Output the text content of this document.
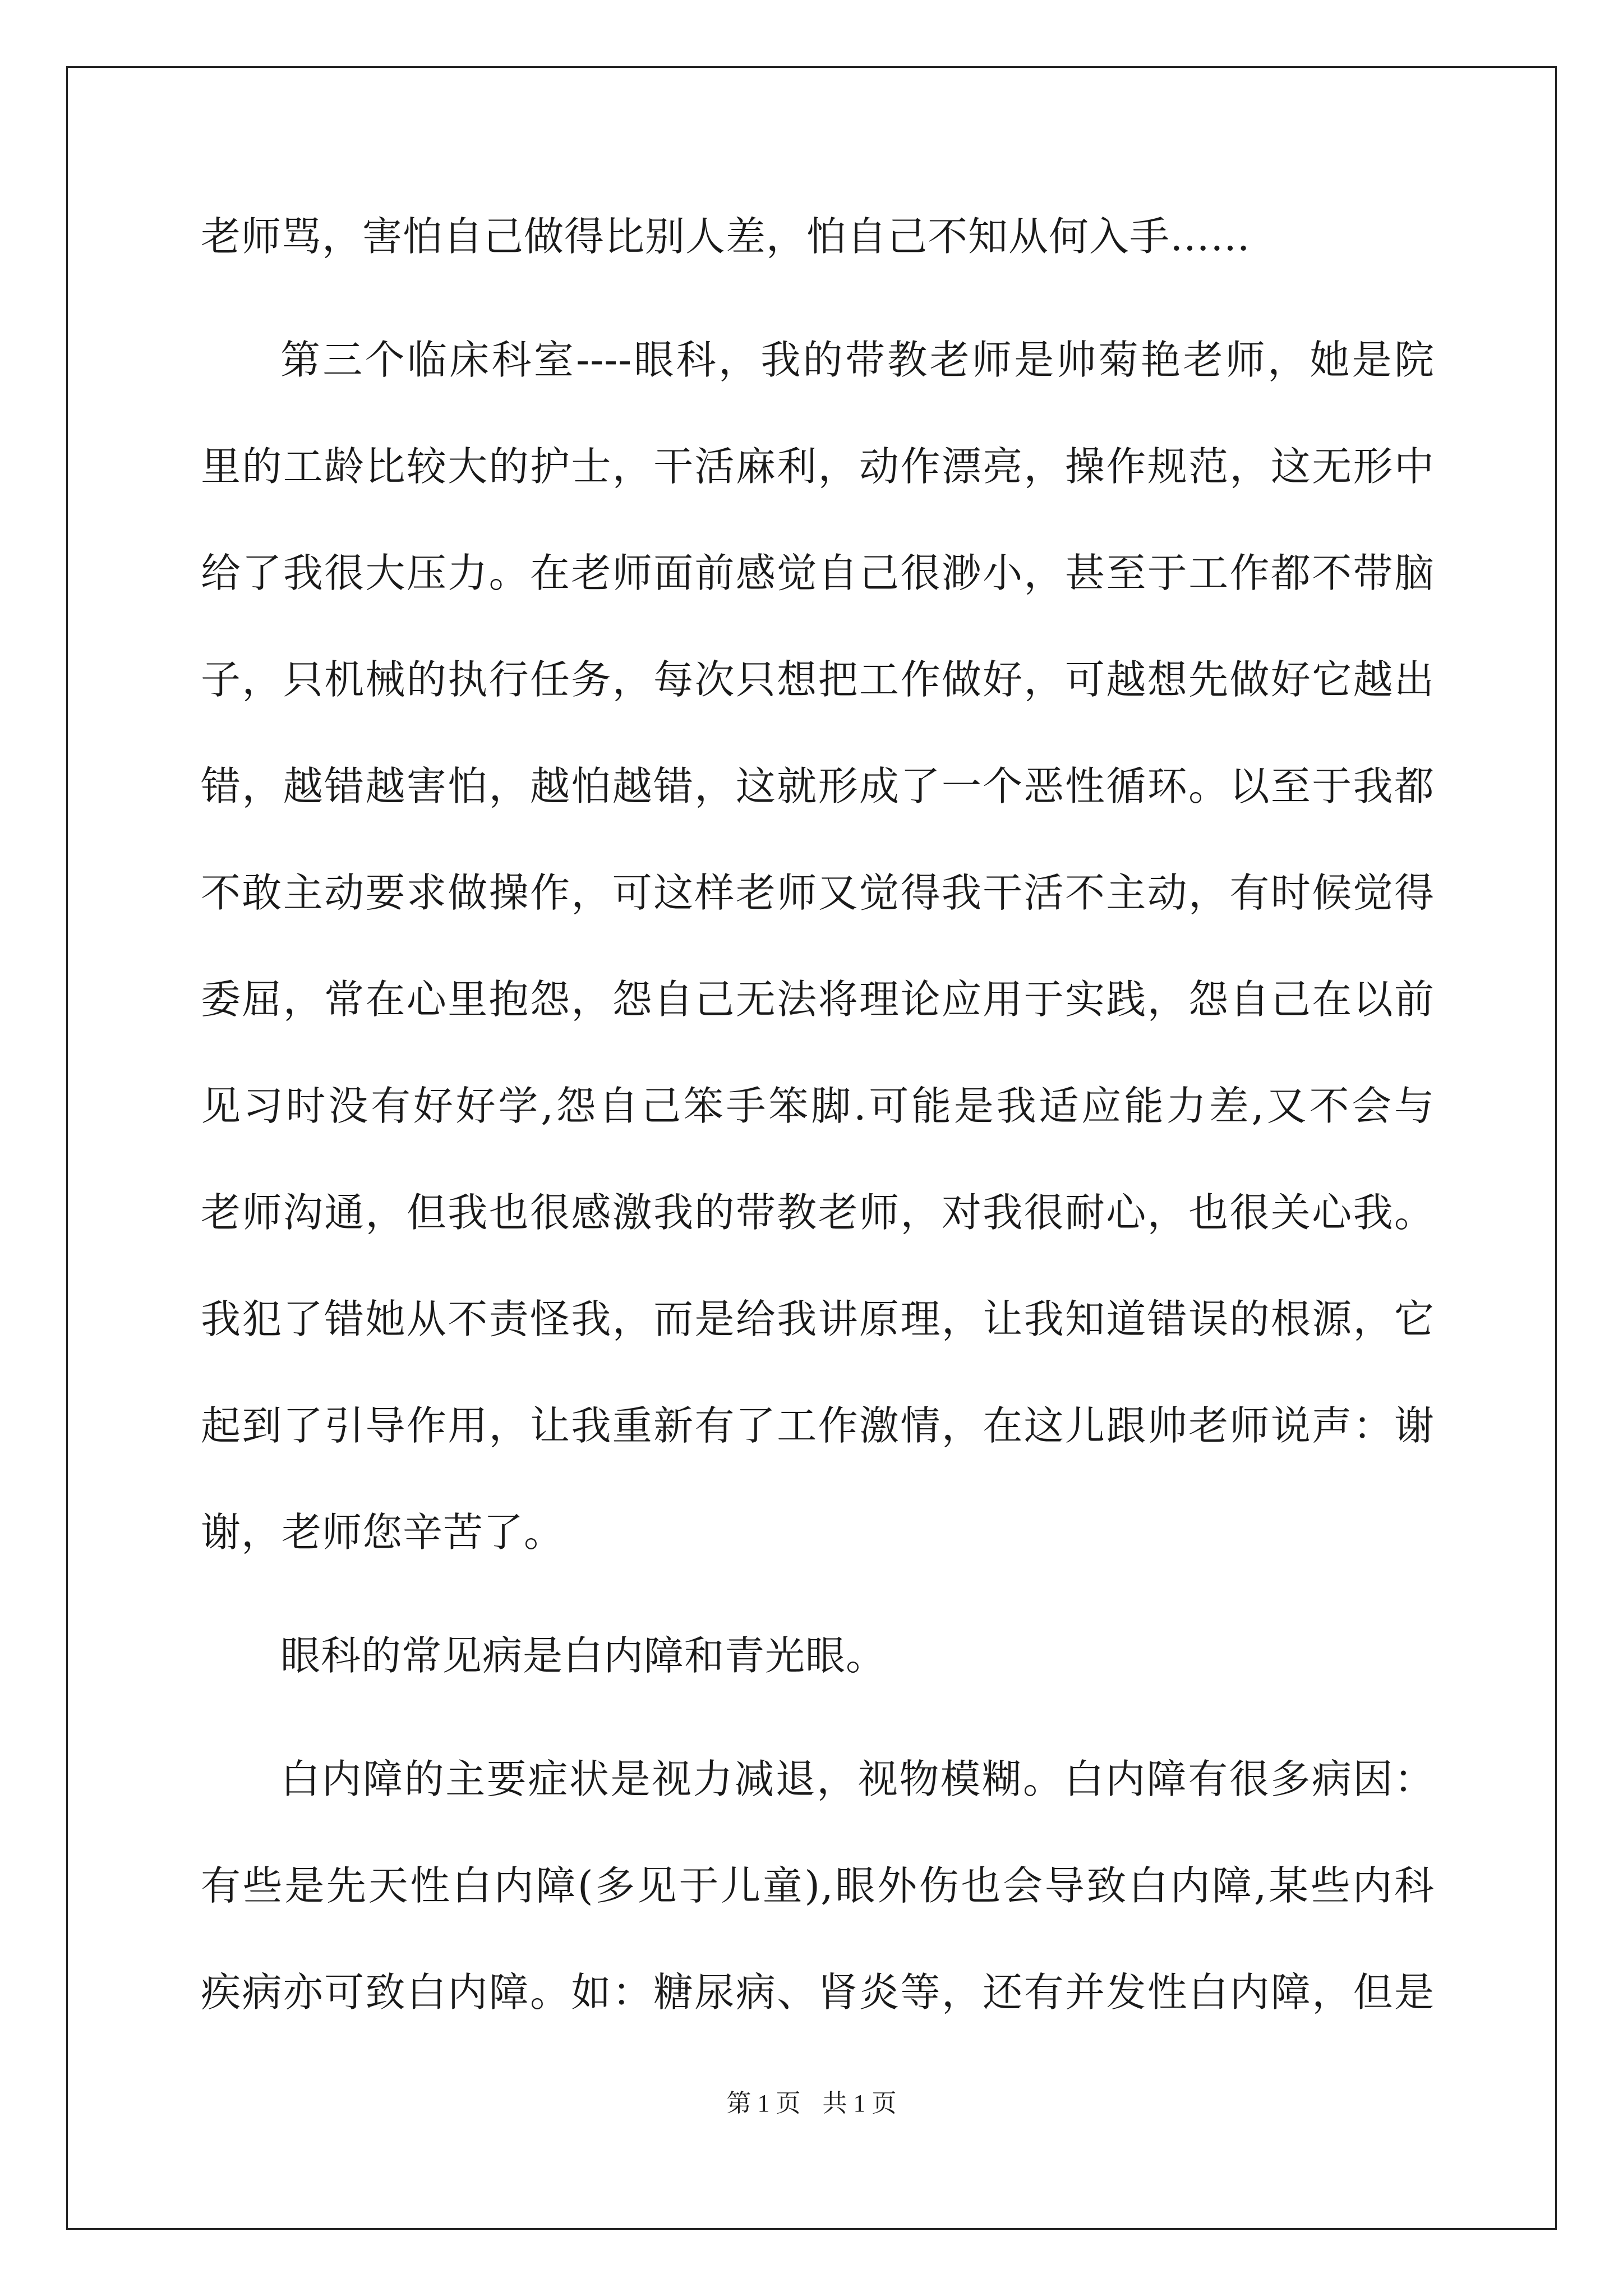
老师骂，害怕自己做得比别人差，怕自己不知从何入手……
第三个临床科室----眼科，我的带教老师是帅菊艳老师，她是院
里的工龄比较大的护士，干活麻利，动作漂亮，操作规范，这无形中
给了我很大压力。在老师面前感觉自己很渺小，甚至于工作都不带脑
子，只机械的执行任务，每次只想把工作做好，可越想先做好它越出
错，越错越害怕，越怕越错，这就形成了一个恶性循环。以至于我都
不敢主动要求做操作，可这样老师又觉得我干活不主动，有时候觉得
委屈，常在心里抱怨，怨自己无法将理论应用于实践，怨自己在以前
见习时没有好好学,怨自己笨手笨脚.可能是我适应能力差,又不会与
老师沟通，但我也很感激我的带教老师，对我很耐心，也很关心我。
我犯了错她从不责怪我，而是给我讲原理，让我知道错误的根源，它
起到了引导作用，让我重新有了工作激情，在这儿跟帅老师说声：谢
谢，老师您辛苦了。
眼科的常见病是白内障和青光眼。
白内障的主要症状是视力减退，视物模糊。白内障有很多病因：
有些是先天性白内障(多见于儿童),眼外伤也会导致白内障,某些内科
疾病亦可致白内障。如：糖尿病、肾炎等，还有并发性白内障，但是
第 1 页 共 1 页
